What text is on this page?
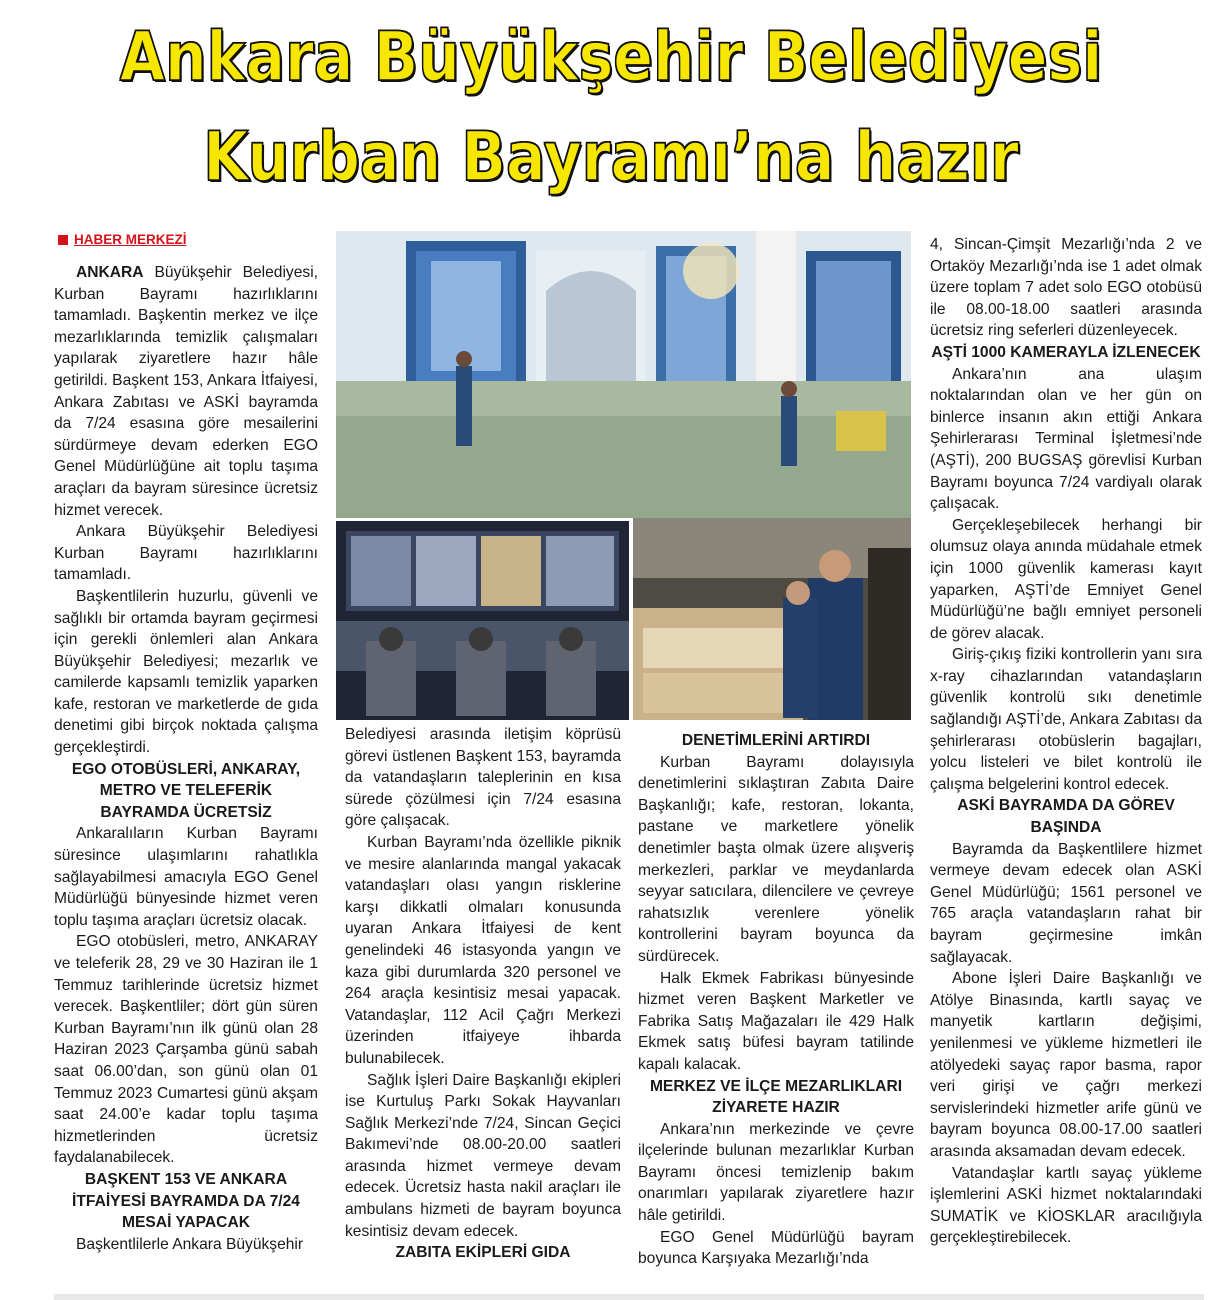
Ankara Büyükşehir Belediyesi
Kurban Bayramı’na hazır
HABER MERKEZİ

ANKARA Büyükşehir Belediyesi, Kurban Bayramı hazırlıklarını tamamladı. Başkentin merkez ve ilçe mezarlıklarında temizlik çalışmaları yapılarak ziyaretlere hazır hâle getirildi. Başkent 153, Ankara İtfaiyesi, Ankara Zabıtası ve ASKİ bayramda da 7/24 esasına göre mesailerini sürdürmeye devam ederken EGO Genel Müdürlüğüne ait toplu taşıma araçları da bayram süresince ücretsiz hizmet verecek.

Ankara Büyükşehir Belediyesi Kurban Bayramı hazırlıklarını tamamladı.

Başkentlilerin huzurlu, güvenli ve sağlıklı bir ortamda bayram geçirmesi için gerekli önlemleri alan Ankara Büyükşehir Belediyesi; mezarlık ve camilerde kapsamlı temizlik yaparken kafe, restoran ve marketlerde de gıda denetimi gibi birçok noktada çalışma gerçekleştirdi.

EGO OTOBÜSLERİ, ANKARAY, METRO VE TELEFERİK BAYRAMDA ÜCRETSİZ

Ankaralıların Kurban Bayramı süresince ulaşımlarını rahatlıkla sağlayabilmesi amacıyla EGO Genel Müdürlüğü bünyesinde hizmet veren toplu taşıma araçları ücretsiz olacak.

EGO otobüsleri, metro, ANKARAY ve teleferik 28, 29 ve 30 Haziran ile 1 Temmuz tarihlerinde ücretsiz hizmet verecek. Başkentliler; dört gün süren Kurban Bayramı’nın ilk günü olan 28 Haziran 2023 Çarşamba günü sabah saat 06.00’dan, son günü olan 01 Temmuz 2023 Cumartesi günü akşam saat 24.00’e kadar toplu taşıma hizmetlerinden ücretsiz faydalanabilecek.

BAŞKENT 153 VE ANKARA İTFAİYESİ BAYRAMDA DA 7/24 MESAİ YAPACAK

Başkentlilerle Ankara Büyükşehir

Belediyesi arasında iletişim köprüsü görevi üstlenen Başkent 153, bayramda da vatandaşların taleplerinin en kısa sürede çözülmesi için 7/24 esasına göre çalışacak.

Kurban Bayramı’nda özellikle piknik ve mesire alanlarında mangal yakacak vatandaşları olası yangın risklerine karşı dikkatli olmaları konusunda uyaran Ankara İtfaiyesi de kent genelindeki 46 istasyonda yangın ve kaza gibi durumlarda 320 personel ve 264 araçla kesintisiz mesai yapacak. Vatandaşlar, 112 Acil Çağrı Merkezi üzerinden itfaiyeye ihbarda bulunabilecek.

Sağlık İşleri Daire Başkanlığı ekipleri ise Kurtuluş Parkı Sokak Hayvanları Sağlık Merkezi’nde 7/24, Sincan Geçici Bakımevi’nde 08.00-20.00 saatleri arasında hizmet vermeye devam edecek. Ücretsiz hasta nakil araçları ile ambulans hizmeti de bayram boyunca kesintisiz devam edecek.

ZABITA EKİPLERİ GIDA
DENETİMLERİNİ ARTIRDI

Kurban Bayramı dolayısıyla denetimlerini sıklaştıran Zabıta Daire Başkanlığı; kafe, restoran, lokanta, pastane ve marketlere yönelik denetimler başta olmak üzere alışveriş merkezleri, parklar ve meydanlarda seyyar satıcılara, dilencilere ve çevreye rahatsızlık verenlere yönelik kontrollerini bayram boyunca da sürdürecek.

Halk Ekmek Fabrikası bünyesinde hizmet veren Başkent Marketler ve Fabrika Satış Mağazaları ile 429 Halk Ekmek satış büfesi bayram tatilinde kapalı kalacak.

MERKEZ VE İLÇE MEZARLIKLARI ZİYARETE HAZIR

Ankara’nın merkezinde ve çevre ilçelerinde bulunan mezarlıklar Kurban Bayramı öncesi temizlenip bakım onarımları yapılarak ziyaretlere hazır hâle getirildi.

EGO Genel Müdürlüğü bayram boyunca Karşıyaka Mezarlığı’nda

4, Sincan-Çimşit Mezarlığı’nda 2 ve Ortaköy Mezarlığı’nda ise 1 adet olmak üzere toplam 7 adet solo EGO otobüsü ile 08.00-18.00 saatleri arasında ücretsiz ring seferleri düzenleyecek.

AŞTİ 1000 KAMERAYLA İZLENECEK

Ankara’nın ana ulaşım noktalarından olan ve her gün on binlerce insanın akın ettiği Ankara Şehirlerarası Terminal İşletmesi’nde (AŞTİ), 200 BUGSAŞ görevlisi Kurban Bayramı boyunca 7/24 vardiyalı olarak çalışacak.

Gerçekleşebilecek herhangi bir olumsuz olaya anında müdahale etmek için 1000 güvenlik kamerası kayıt yaparken, AŞTİ’de Emniyet Genel Müdürlüğü’ne bağlı emniyet personeli de görev alacak.

Giriş-çıkış fiziki kontrollerin yanı sıra x-ray cihazlarından vatandaşların güvenlik kontrolü sıkı denetimle sağlandığı AŞTİ’de, Ankara Zabıtası da şehirlerarası otobüslerin bagajları, yolcu listeleri ve bilet kontrolü ile çalışma belgelerini kontrol edecek.

ASKİ BAYRAMDA DA GÖREV BAŞINDA

Bayramda da Başkentlilere hizmet vermeye devam edecek olan ASKİ Genel Müdürlüğü; 1561 personel ve 765 araçla vatandaşların rahat bir bayram geçirmesine imkân sağlayacak.

Abone İşleri Daire Başkanlığı ve Atölye Binasında, kartlı sayaç ve manyetik kartların değişimi, yenilenmesi ve yükleme hizmetleri ile atölyedeki sayaç rapor basma, rapor veri girişi ve çağrı merkezi servislerindeki hizmetler arife günü ve bayram boyunca 08.00-17.00 saatleri arasında aksamadan devam edecek.

Vatandaşlar kartlı sayaç yükleme işlemlerini ASKİ hizmet noktalarındaki SUMATİK ve KİOSKLAR aracılığıyla gerçekleştirebilecek.
